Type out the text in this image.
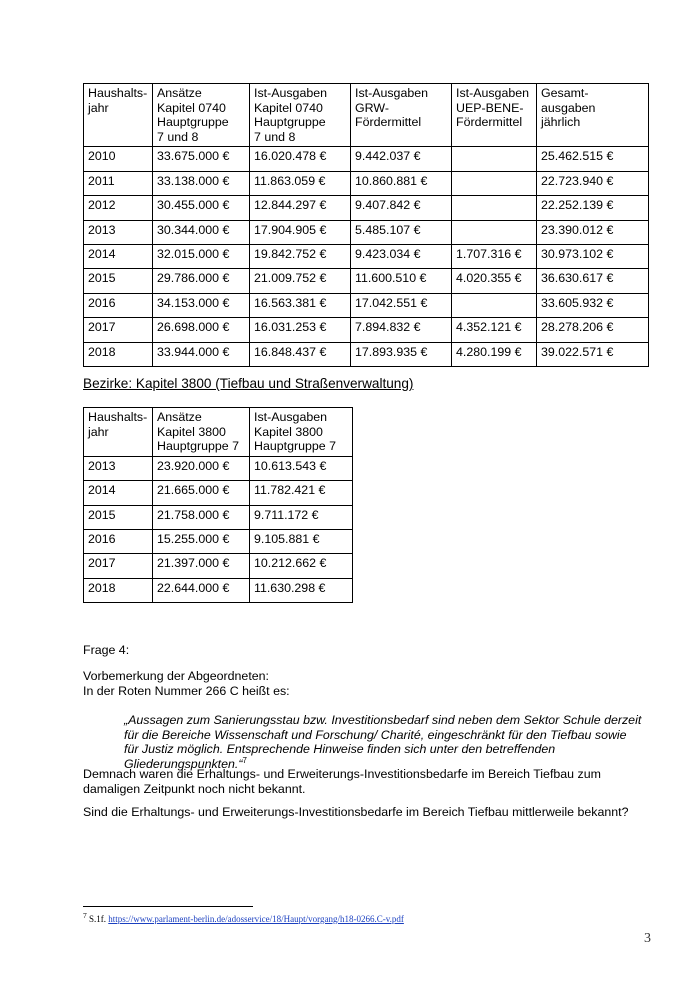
Haushalts-
jahr	Ansätze
Kapitel 0740
Hauptgruppe
7 und 8	Ist-Ausgaben
Kapitel 0740
Hauptgruppe
7 und 8	Ist-Ausgaben
GRW-
Fördermittel	Ist-Ausgaben
UEP-BENE-
Fördermittel	Gesamt-
ausgaben
jährlich
2010	33.675.000 €	16.020.478 €	9.442.037 €		25.462.515 €
2011	33.138.000 €	11.863.059 €	10.860.881 €		22.723.940 €
2012	30.455.000 €	12.844.297 €	9.407.842 €		22.252.139 €
2013	30.344.000 €	17.904.905 €	5.485.107 €		23.390.012 €
2014	32.015.000 €	19.842.752 €	9.423.034 €	1.707.316 €	30.973.102 €
2015	29.786.000 €	21.009.752 €	11.600.510 €	4.020.355 €	36.630.617 €
2016	34.153.000 €	16.563.381 €	17.042.551 €		33.605.932 €
2017	26.698.000 €	16.031.253 €	7.894.832 €	4.352.121 €	28.278.206 €
2018	33.944.000 €	16.848.437 €	17.893.935 €	4.280.199 €	39.022.571 €
Bezirke: Kapitel 3800 (Tiefbau und Straßenverwaltung)
Haushalts-
jahr	Ansätze
Kapitel 3800
Hauptgruppe 7	Ist-Ausgaben
Kapitel 3800
Hauptgruppe 7
2013	23.920.000 €	10.613.543 €
2014	21.665.000 €	11.782.421 €
2015	21.758.000 €	9.711.172 €
2016	15.255.000 €	9.105.881 €
2017	21.397.000 €	10.212.662 €
2018	22.644.000 €	11.630.298 €
Frage 4:
Vorbemerkung der Abgeordneten:
In der Roten Nummer 266 C heißt es:
„Aussagen zum Sanierungsstau bzw. Investitionsbedarf sind neben dem Sektor Schule derzeit für die Bereiche Wissenschaft und Forschung/ Charité, eingeschränkt für den Tiefbau sowie für Justiz möglich. Entsprechende Hinweise finden sich unter den betreffenden Gliederungspunkten.“$^7$
Demnach waren die Erhaltungs- und Erweiterungs-Investitionsbedarfe im Bereich Tiefbau zum damaligen Zeitpunkt noch nicht bekannt.
Sind die Erhaltungs- und Erweiterungs-Investitionsbedarfe im Bereich Tiefbau mittlerweile bekannt?
$^7$ S.1f. https://www.parlament-berlin.de/adosservice/18/Haupt/vorgang/h18-0266.C-v.pdf
3
